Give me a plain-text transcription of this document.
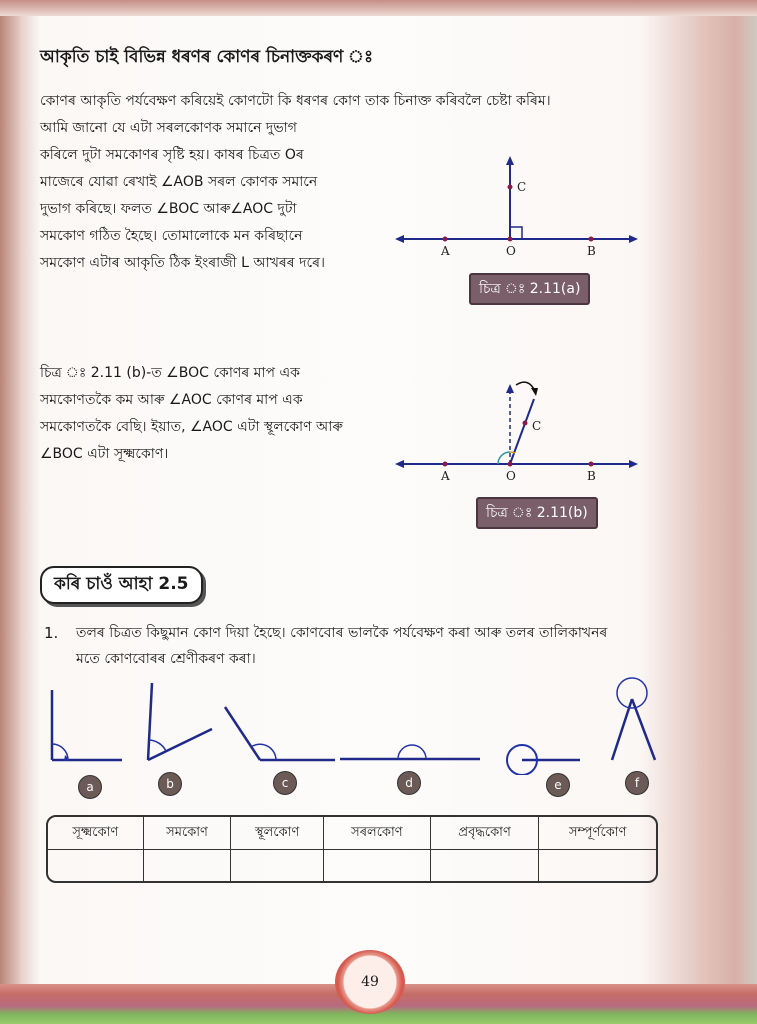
আকৃতি চাই বিভিন্ন ধৰণৰ কোণৰ চিনাক্তকৰণ ঃ

কোণৰ আকৃতি পৰ্যবেক্ষণ কৰিয়েই কোণটো কি ধৰণৰ কোণ তাক চিনাক্ত কৰিবলৈ চেষ্টা কৰিম।

আমি জানো যে এটা সৰলকোণক সমানে দুভাগ

কৰিলে দুটা সমকোণৰ সৃষ্টি হয়। কাষৰ চিত্ৰত Oৰ

মাজেৰে যোৱা ৰেখাই ∠AOB সৰল কোণক সমানে

দুভাগ কৰিছে। ফলত ∠BOC আৰু∠AOC দুটা

সমকোণ গঠিত হৈছে। তোমালোকে মন কৰিছানে

সমকোণ এটাৰ আকৃতি ঠিক ইংৰাজী L আখৰৰ দৰে।

A	O	B
C
চিত্ৰ ঃ 2.11(a)

চিত্ৰ ঃ 2.11 (b)-ত ∠BOC কোণৰ মাপ এক

সমকোণতকৈ কম আৰু ∠AOC কোণৰ মাপ এক

সমকোণতকৈ বেছি। ইয়াত, ∠AOC এটা স্থূলকোণ আৰু

∠BOC এটা সূক্ষ্মকোণ।

A	O	B
C
চিত্ৰ ঃ 2.11(b)
কৰি চাওঁ আহা 2.5
1. তলৰ চিত্ৰত কিছুমান কোণ দিয়া হৈছে। কোণবোৰ ভালকৈ পৰ্যবেক্ষণ কৰা আৰু তলৰ তালিকাখনৰ

মতে কোণবোৰৰ শ্ৰেণীকৰণ কৰা।

a	b	c	d	e	f
সূক্ষ্মকোণ	সমকোণ	স্থূলকোণ	সৰলকোণ	প্ৰবৃদ্ধকোণ	সম্পূৰ্ণকোণ

49
